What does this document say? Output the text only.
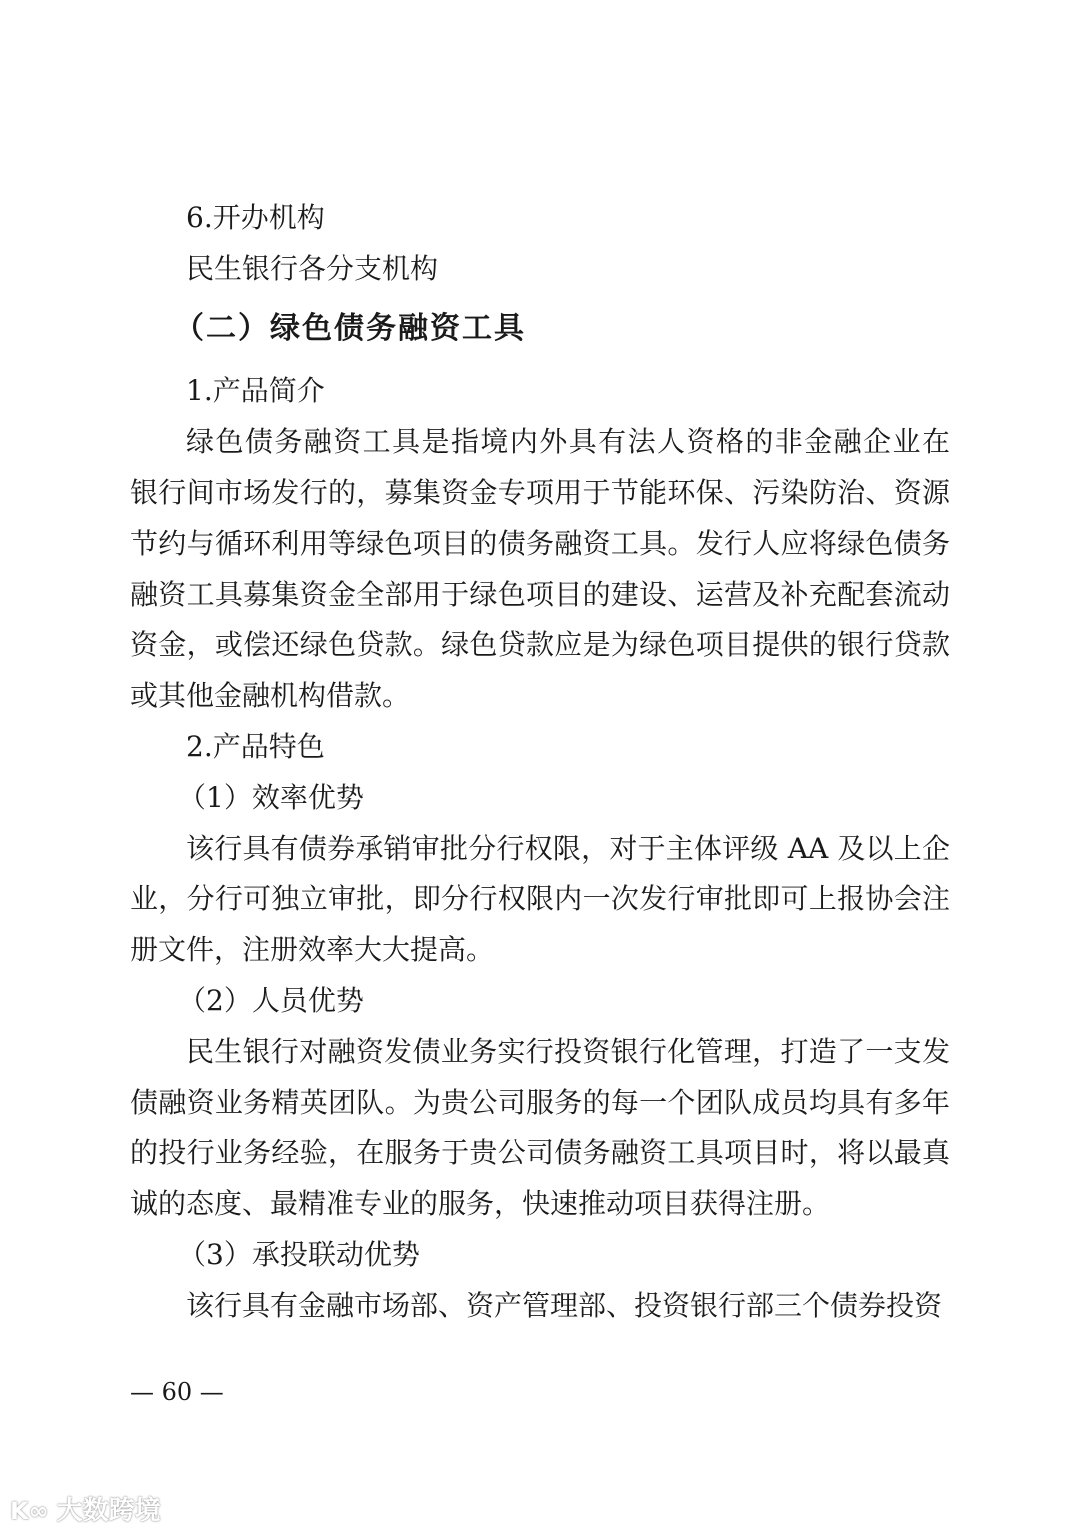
6.开办机构
民生银行各分支机构
（二）绿色债务融资工具
1.产品简介
绿色债务融资工具是指境内外具有法人资格的非金融企业在
银行间市场发行的，募集资金专项用于节能环保、污染防治、资源
节约与循环利用等绿色项目的债务融资工具。发行人应将绿色债务
融资工具募集资金全部用于绿色项目的建设、运营及补充配套流动
资金，或偿还绿色贷款。绿色贷款应是为绿色项目提供的银行贷款
或其他金融机构借款。
2.产品特色
（1）效率优势
该行具有债券承销审批分行权限，对于主体评级 AA 及以上企
业，分行可独立审批，即分行权限内一次发行审批即可上报协会注
册文件，注册效率大大提高。
（2）人员优势
民生银行对融资发债业务实行投资银行化管理，打造了一支发
债融资业务精英团队。为贵公司服务的每一个团队成员均具有多年
的投行业务经验，在服务于贵公司债务融资工具项目时，将以最真
诚的态度、最精准专业的服务，快速推动项目获得注册。
（3）承投联动优势
该行具有金融市场部、资产管理部、投资银行部三个债券投资
— 60 —
K∞ 大数跨境
